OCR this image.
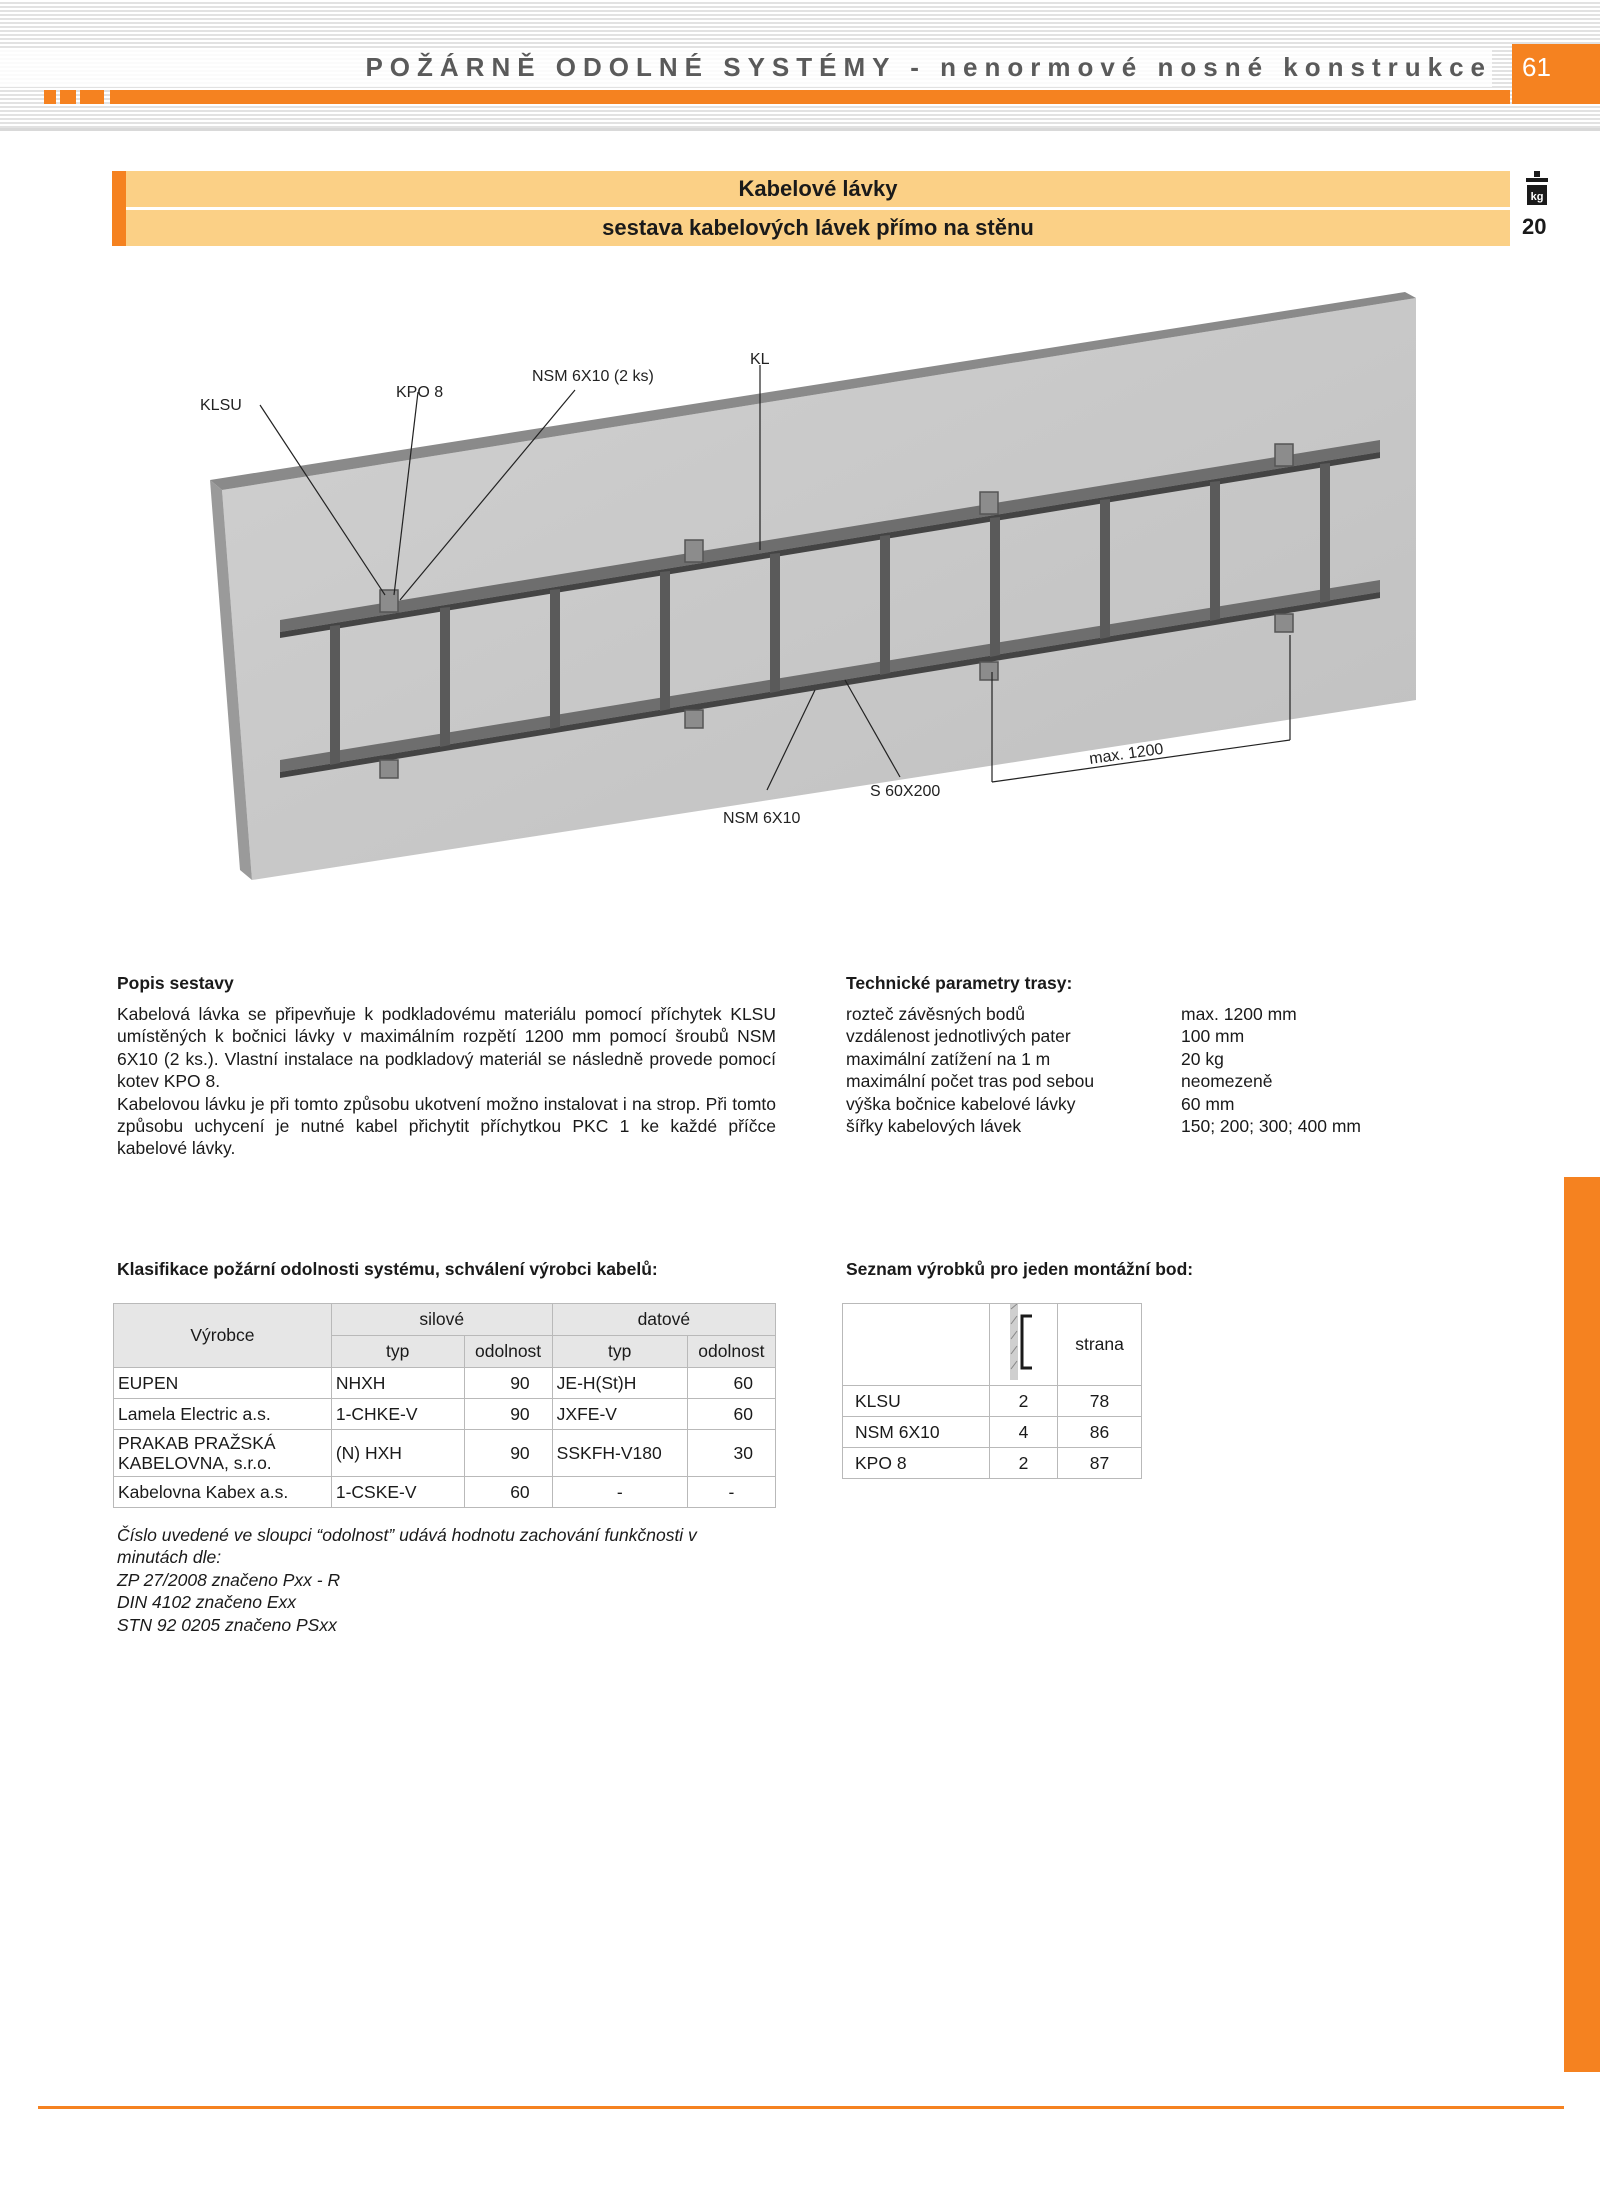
POŽÁRNĚ ODOLNÉ SYSTÉMY - nenormové nosné konstrukce	61
Kabelové lávky
sestava kabelových lávek přímo na stěnu
kg
20
KLSU
KPO 8
NSM 6X10 (2 ks)
KL
max. 1200
S 60X200
NSM 6X10
Popis sestavy
Kabelová lávka se připevňuje k podkladovému materiálu pomocí příchytek KLSU umístěných k bočnici lávky v maximálním rozpětí 1200 mm pomocí šroubů NSM 6X10 (2 ks.). Vlastní instalace na podkladový materiál se následně provede pomocí kotev KPO 8.
Kabelovou lávku je při tomto způsobu ukotvení možno instalovat i na strop. Při tomto způsobu uchycení je nutné kabel přichytit příchytkou PKC 1 ke každé příčce kabelové lávky.
Technické parametry trasy:
rozteč závěsných bodů	max. 1200 mm
vzdálenost jednotlivých pater	100 mm
maximální zatížení na 1 m	20 kg
maximální počet tras pod sebou	neomezeně
výška bočnice kabelové lávky	60 mm
šířky kabelových lávek	150; 200; 300; 400 mm
Klasifikace požární odolnosti systému, schválení výrobci kabelů:
Výrobce	silové		datové	
	typ	odolnost	typ	odolnost
EUPEN	NHXH	90	JE-H(St)H	60
Lamela Electric a.s.	1-CHKE-V	90	JXFE-V	60
PRAKAB PRAŽSKÁ KABELOVNA, s.r.o.	(N) HXH	90	SSKFH-V180	30
Kabelovna Kabex a.s.	1-CSKE-V	60	-	-
Číslo uvedené ve sloupci “odolnost” udává hodnotu zachování funkčnosti v minutách dle:
ZP 27/2008 značeno Pxx - R
DIN 4102 značeno Exx
STN 92 0205 značeno PSxx
Seznam výrobků pro jeden montážní bod:
		strana
KLSU	2	78
NSM 6X10	4	86
KPO 8	2	87
